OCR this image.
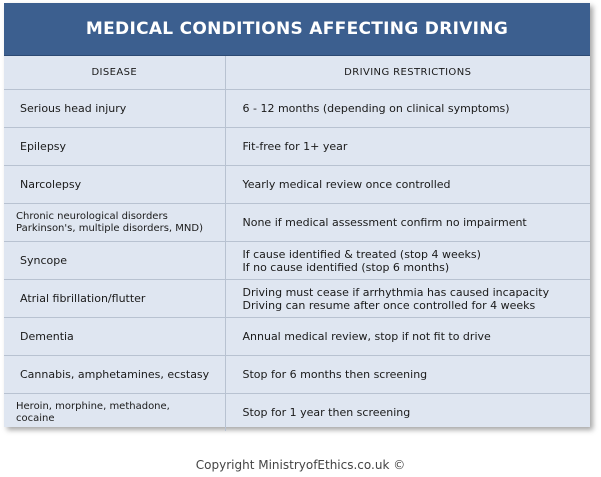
MEDICAL CONDITIONS AFFECTING DRIVING
DISEASE	DRIVING RESTRICTIONS

Serious head injury	6 - 12 months (depending on clinical symptoms)

Epilepsy	Fit-free for 1+ year

Narcolepsy	Yearly medical review once controlled

Chronic neurological disorders
Parkinson's, multiple disorders, MND)	None if medical assessment confirm no impairment

Syncope	If cause identified & treated (stop 4 weeks)
If no cause identified (stop 6 months)

Atrial fibrillation/flutter	Driving must cease if arrhythmia has caused incapacity
Driving can resume after once controlled for 4 weeks

Dementia	Annual medical review, stop if not fit to drive

Cannabis, amphetamines, ecstasy	Stop for 6 months then screening

Heroin, morphine, methadone,
cocaine	Stop for 1 year then screening
Copyright MinistryofEthics.co.uk ©
